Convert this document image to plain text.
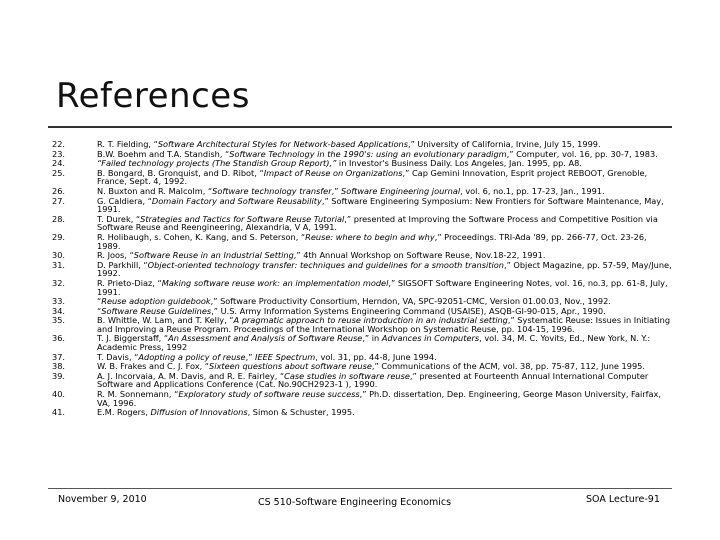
References
22.	R. T. Fielding, “Software Architectural Styles for Network-based Applications,” University of California, Irvine, July 15, 1999.
23.	B.W. Boehm and T.A. Standish, “Software Technology in the 1990's: using an evolutionary paradigm,” Computer, vol. 16, pp. 30-7, 1983.
24.	“Failed technology projects (The Standish Group Report),” in Investor's Business Daily. Los Angeles, Jan. 1995, pp. A8.
25.	B. Bongard, B. Gronquist, and D. Ribot, “Impact of Reuse on Organizations,” Cap Gemini Innovation, Esprit project REBOOT, Grenoble, France, Sept. 4, 1992.
26.	N. Buxton and R. Malcolm, “Software technology transfer,” Software Engineering journal, vol. 6, no.1, pp. 17-23, Jan., 1991.
27.	G. Caldiera, “Domain Factory and Software Reusability,” Software Engineering Symposium: New Frontiers for Software Maintenance, May, 1991.
28.	T. Durek, “Strategies and Tactics for Software Reuse Tutorial,” presented at Improving the Software Process and Competitive Position via Software Reuse and Reengineering, Alexandria, V A, 1991.
29.	R. Holibaugh, s. Cohen, K. Kang, and S. Peterson, “Reuse: where to begin and why,” Proceedings. TRI-Ada '89, pp. 266-77, Oct. 23-26, 1989.
30.	R. Joos, “Software Reuse in an Industrial Setting,” 4th Annual Workshop on Software Reuse, Nov.18-22, 1991.
31.	D. Parkhill, “Object-oriented technology transfer: techniques and guidelines for a smooth transition,” Object Magazine, pp. 57-59, May/June, 1992.
32.	R. Prieto-Diaz, “Making software reuse work: an implementation model,” SIGSOFT Software Engineering Notes, vol. 16, no.3, pp. 61-8, July, 1991.
33.	“Reuse adoption guidebook,” Software Productivity Consortium, Herndon, VA, SPC-92051-CMC, Version 01.00.03, Nov., 1992.
34.	“Software Reuse Guidelines,” U.S. Army Information Systems Engineering Command (USAISE), ASQB-GI-90-015, Apr., 1990.
35.	B. Whittle, W. Lam, and T. Kelly, “A pragmatic approach to reuse introduction in an industrial setting,” Systematic Reuse: Issues in Initiating and Improving a Reuse Program. Proceedings of the International Workshop on Systematic Reuse, pp. 104-15, 1996.
36.	T. J. Biggerstaff, “An Assessment and Analysis of Software Reuse,” in Advances in Computers, vol. 34, M. C. Yovits, Ed., New York, N. Y.: Academic Press, 1992
37.	T. Davis, “Adopting a policy of reuse,” IEEE Spectrum, vol. 31, pp. 44-8, June 1994.
38.	W. B. Frakes and C. J. Fox, “Sixteen questions about software reuse,” Communications of the ACM, vol. 38, pp. 75-87, 112, June 1995.
39.	A. J. Incorvaia, A. M. Davis, and R. E. Fairley, “Case studies in software reuse,” presented at Fourteenth Annual International Computer Software and Applications Conference (Cat. No.90CH2923-1 ), 1990.
40.	R. M. Sonnemann, “Exploratory study of software reuse success,” Ph.D. dissertation, Dep. Engineering, George Mason University, Fairfax, VA, 1996.
41.	E.M. Rogers, Diffusion of Innovations, Simon & Schuster, 1995.
November 9, 2010	CS 510-Software Engineering Economics	SOA Lecture-91
